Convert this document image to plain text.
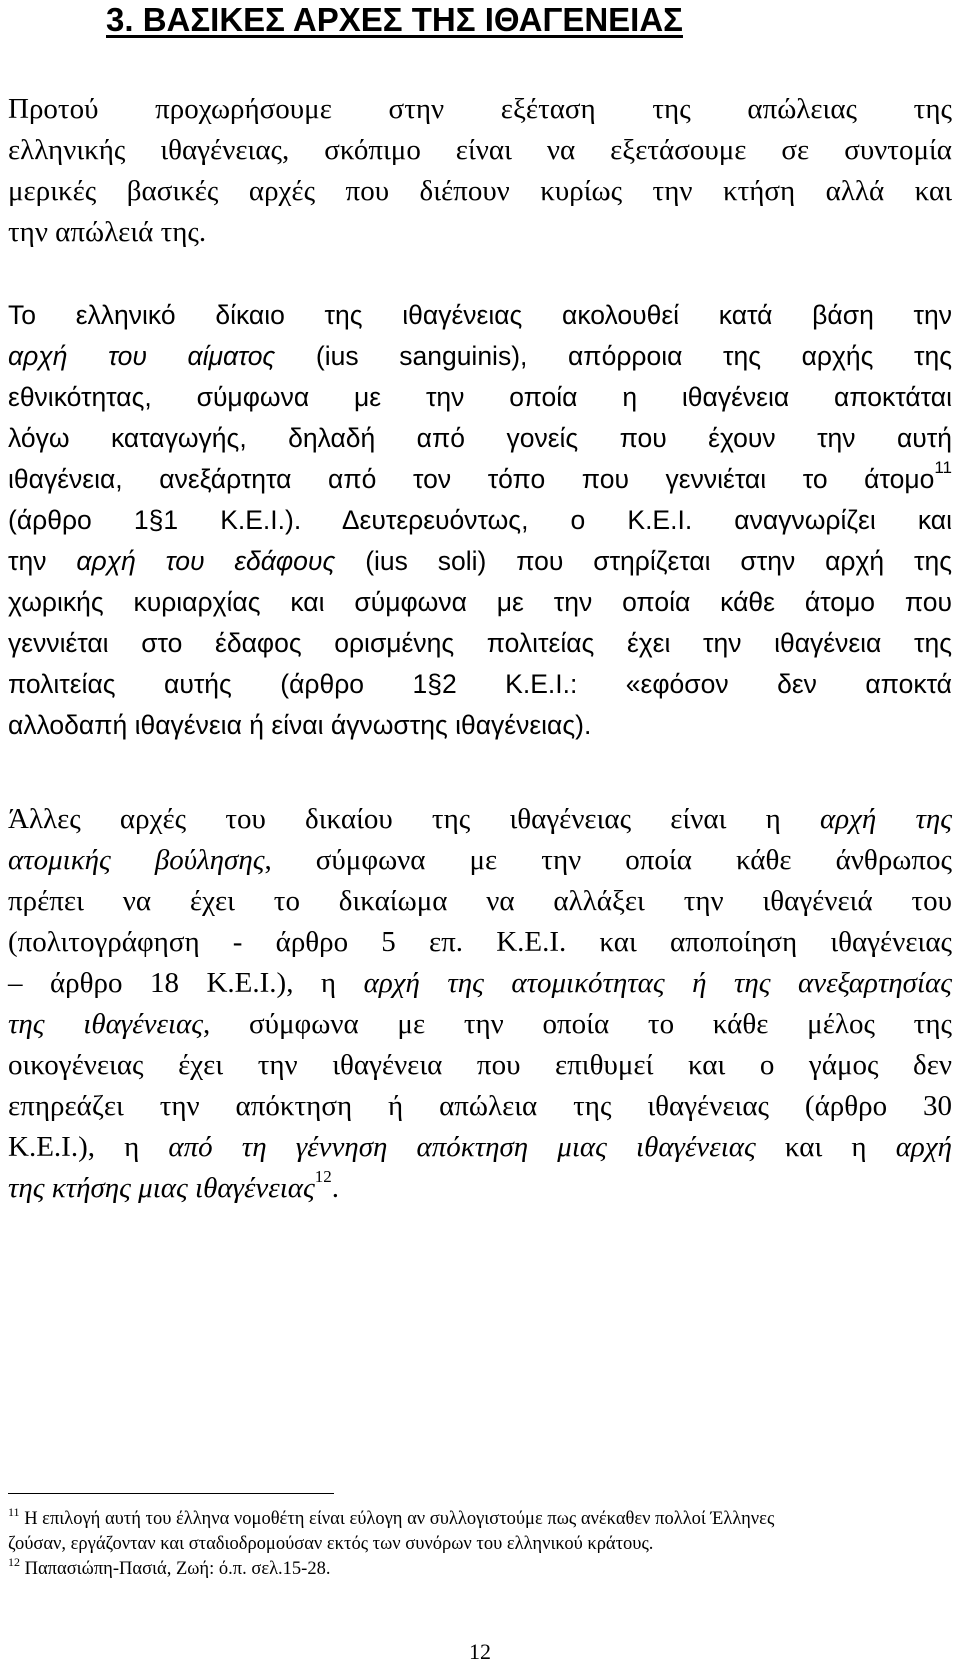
3. ΒΑΣΙΚΕΣ ΑΡΧΕΣ ΤΗΣ ΙΘΑΓΕΝΕΙΑΣ

Προτού προχωρήσουμε στην εξέταση της απώλειας της
ελληνικής ιθαγένειας, σκόπιμο είναι να εξετάσουμε σε συντομία
μερικές βασικές αρχές που διέπουν κυρίως την κτήση αλλά και
την απώλειά της.

Το ελληνικό δίκαιο της ιθαγένειας ακολουθεί κατά βάση την
αρχή του αίματος (ius sanguinis), απόρροια της αρχής της
εθνικότητας, σύμφωνα με την οποία η ιθαγένεια αποκτάται
λόγω καταγωγής, δηλαδή από γονείς που έχουν την αυτή
ιθαγένεια, ανεξάρτητα από τον τόπο που γεννιέται το άτομο$^{11}$
(άρθρο 1§1 Κ.Ε.Ι.). Δευτερευόντως, ο Κ.Ε.Ι. αναγνωρίζει και
την αρχή του εδάφους (ius soli) που στηρίζεται στην αρχή της
χωρικής κυριαρχίας και σύμφωνα με την οποία κάθε άτομο που
γεννιέται στο έδαφος ορισμένης πολιτείας έχει την ιθαγένεια της
πολιτείας αυτής (άρθρο 1§2 Κ.Ε.Ι.: «εφόσον δεν αποκτά
αλλοδαπή ιθαγένεια ή είναι άγνωστης ιθαγένειας).

Άλλες αρχές του δικαίου της ιθαγένειας είναι η αρχή της
ατομικής βούλησης, σύμφωνα με την οποία κάθε άνθρωπος
πρέπει να έχει το δικαίωμα να αλλάξει την ιθαγένειά του
(πολιτογράφηση - άρθρο 5 επ. Κ.Ε.Ι. και αποποίηση ιθαγένειας
– άρθρο 18 Κ.Ε.Ι.), η αρχή της ατομικότητας ή της ανεξαρτησίας
της ιθαγένειας, σύμφωνα με την οποία το κάθε μέλος της
οικογένειας έχει την ιθαγένεια που επιθυμεί και ο γάμος δεν
επηρεάζει την απόκτηση ή απώλεια της ιθαγένειας (άρθρο 30
Κ.Ε.Ι.), η από τη γέννηση απόκτηση μιας ιθαγένειας και η αρχή
της κτήσης μιας ιθαγένειας$^{12}$.

$^{11}$ Η επιλογή αυτή του έλληνα νομοθέτη είναι εύλογη αν συλλογιστούμε πως ανέκαθεν πολλοί Έλληνες
ζούσαν, εργάζονταν και σταδιοδρομούσαν εκτός των συνόρων του ελληνικού κράτους.
$^{12}$ Παπασιώπη-Πασιά, Ζωή: ό.π. σελ.15-28.
12
